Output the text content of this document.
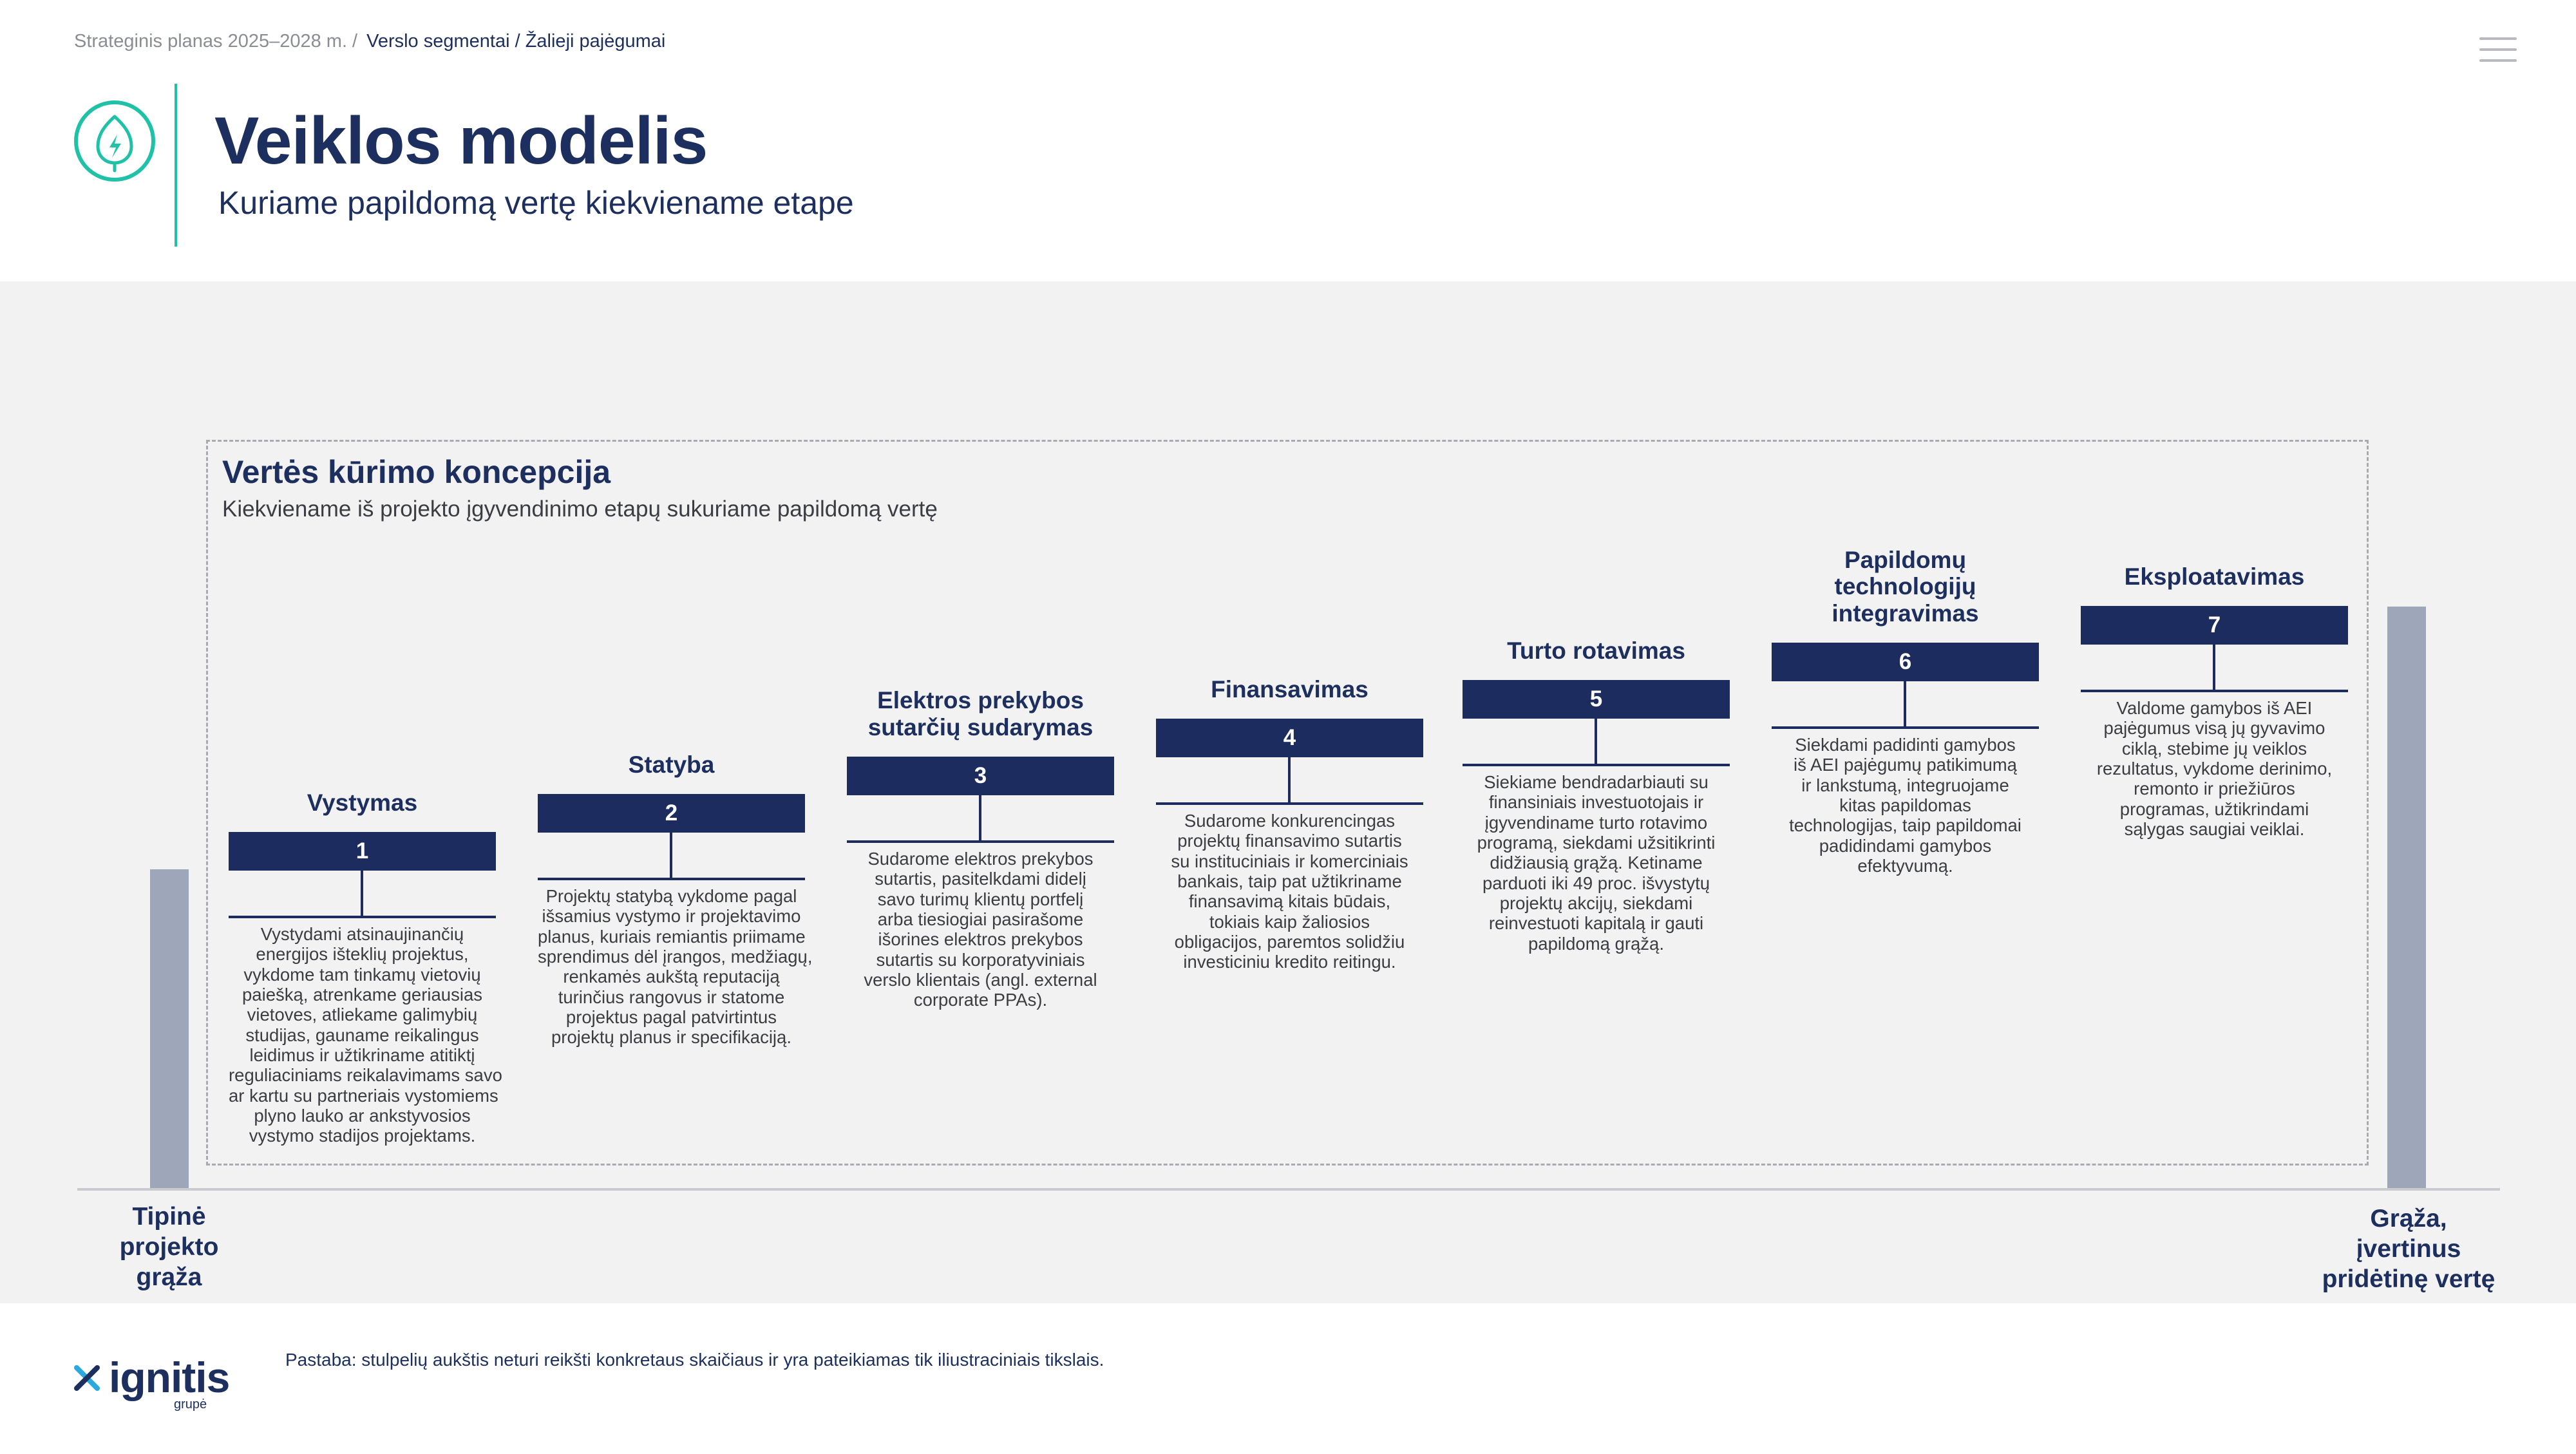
Strateginis planas 2025–2028 m. / Verslo segmentai / Žalieji pajėgumai
Veiklos modelis
Kuriame papildomą vertę kiekviename etape
Vertės kūrimo koncepcija
Kiekviename iš projekto įgyvendinimo etapų sukuriame papildomą vertę
Tipinė
projekto
grąža
Grąža,
įvertinus
pridėtinę vertę
Vystymas
1
Vystydami atsinaujinančių
energijos išteklių projektus,
vykdome tam tinkamų vietovių
paiešką, atrenkame geriausias
vietoves, atliekame galimybių
studijas, gauname reikalingus
leidimus ir užtikriname atitiktį
reguliaciniams reikalavimams savo
ar kartu su partneriais vystomiems
plyno lauko ar ankstyvosios
vystymo stadijos projektams.
Statyba
2
Projektų statybą vykdome pagal
išsamius vystymo ir projektavimo
planus, kuriais remiantis priimame
sprendimus dėl įrangos, medžiagų,
renkamės aukštą reputaciją
turinčius rangovus ir statome
projektus pagal patvirtintus
projektų planus ir specifikaciją.
Elektros prekybos
sutarčių sudarymas
3
Sudarome elektros prekybos
sutartis, pasitelkdami didelį
savo turimų klientų portfelį
arba tiesiogiai pasirašome
išorines elektros prekybos
sutartis su korporatyviniais
verslo klientais (angl. external
corporate PPAs).
Finansavimas
4
Sudarome konkurencingas
projektų finansavimo sutartis
su instituciniais ir komerciniais
bankais, taip pat užtikriname
finansavimą kitais būdais,
tokiais kaip žaliosios
obligacijos, paremtos solidžiu
investiciniu kredito reitingu.
Turto rotavimas
5
Siekiame bendradarbiauti su
finansiniais investuotojais ir
įgyvendiname turto rotavimo
programą, siekdami užsitikrinti
didžiausią grąžą. Ketiname
parduoti iki 49 proc. išvystytų
projektų akcijų, siekdami
reinvestuoti kapitalą ir gauti
papildomą grąžą.
Papildomų
technologijų
integravimas
6
Siekdami padidinti gamybos
iš AEI pajėgumų patikimumą
ir lankstumą, integruojame
kitas papildomas
technologijas, taip papildomai
padidindami gamybos
efektyvumą.
Eksploatavimas
7
Valdome gamybos iš AEI
pajėgumus visą jų gyvavimo
ciklą, stebime jų veiklos
rezultatus, vykdome derinimo,
remonto ir priežiūros
programas, užtikrindami
sąlygas saugiai veiklai.
ignitis
grupė
Pastaba: stulpelių aukštis neturi reikšti konkretaus skaičiaus ir yra pateikiamas tik iliustraciniais tikslais.
